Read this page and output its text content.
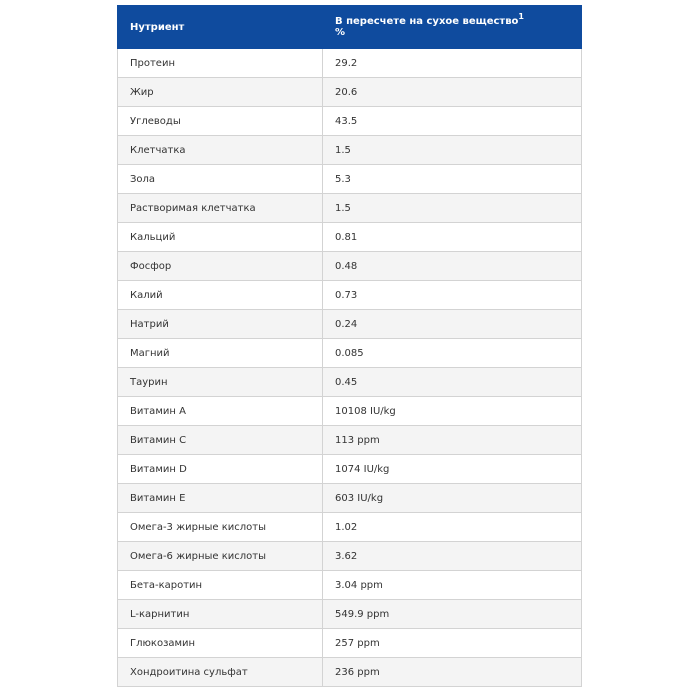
Нутриент	В пересчете на сухое вещество$^1$
%
Протеин	29.2
Жир	20.6
Углеводы	43.5
Клетчатка	1.5
Зола	5.3
Растворимая клетчатка	1.5
Кальций	0.81
Фосфор	0.48
Калий	0.73
Натрий	0.24
Магний	0.085
Таурин	0.45
Витамин A	10108 IU/kg
Витамин C	113 ppm
Витамин D	1074 IU/kg
Витамин E	603 IU/kg
Омега-3 жирные кислоты	1.02
Омега-6 жирные кислоты	3.62
Бета-каротин	3.04 ppm
L-карнитин	549.9 ppm
Глюкозамин	257 ppm
Хондроитина сульфат	236 ppm
